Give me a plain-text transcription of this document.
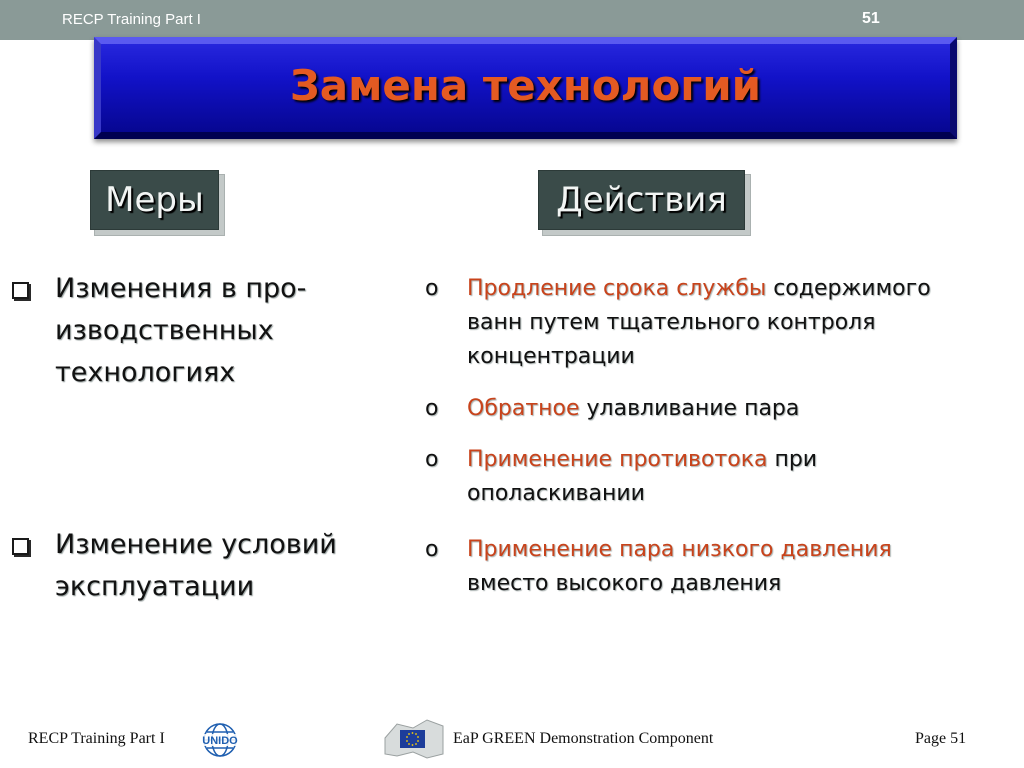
RECP Training Part I	51
Замена технологий
Меры	Действия
Изменения в про-
изводственных
технологиях
Изменение условий
эксплуатации
o Продление срока службы содержимого
ванн путем тщательного контроля
концентрации
o Обратное улавливание пара
o Применение противотока при
ополаскивании
o Применение пара низкого давления
вместо высокого давления
RECP Training Part I	UNIDO	EaP GREEN Demonstration Component	Page 51
